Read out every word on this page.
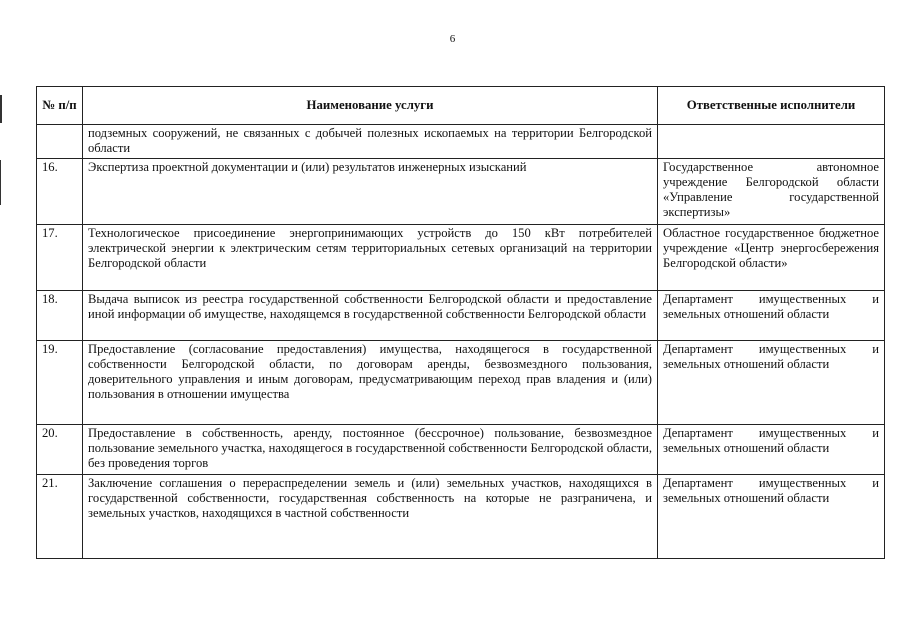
6
№ п/п	Наименование услуги	Ответственные исполнители
	подземных сооружений, не связанных с добычей полезных ископаемых на территории Белгородской области	
16.	Экспертиза проектной документации и (или) результатов инженерных изысканий	Государственное автономное учреждение Белгородской области «Управление государственной экспертизы»
17.	Технологическое присоединение энергопринимающих устройств до 150 кВт потребителей электрической энергии к электрическим сетям территориальных сетевых организаций на территории Белгородской области	Областное государственное бюджетное учреждение «Центр энергосбережения Белгородской области»
18.	Выдача выписок из реестра государственной собственности Белгородской области и предоставление иной информации об имуществе, находящемся в государственной собственности Белгородской области	Департамент имущественных и земельных отношений области
19.	Предоставление (согласование предоставления) имущества, находящегося в государственной собственности Белгородской области, по договорам аренды, безвозмездного пользования, доверительного управления и иным договорам, предусматривающим переход прав владения и (или) пользования в отношении имущества	Департамент имущественных и земельных отношений области
20.	Предоставление в собственность, аренду, постоянное (бессрочное) пользование, безвозмездное пользование земельного участка, находящегося в государственной собственности Белгородской области, без проведения торгов	Департамент имущественных и земельных отношений области
21.	Заключение соглашения о перераспределении земель и (или) земельных участков, находящихся в государственной собственности, государственная собственность на которые не разграничена, и земельных участков, находящихся в частной собственности	Департамент имущественных и земельных отношений области
